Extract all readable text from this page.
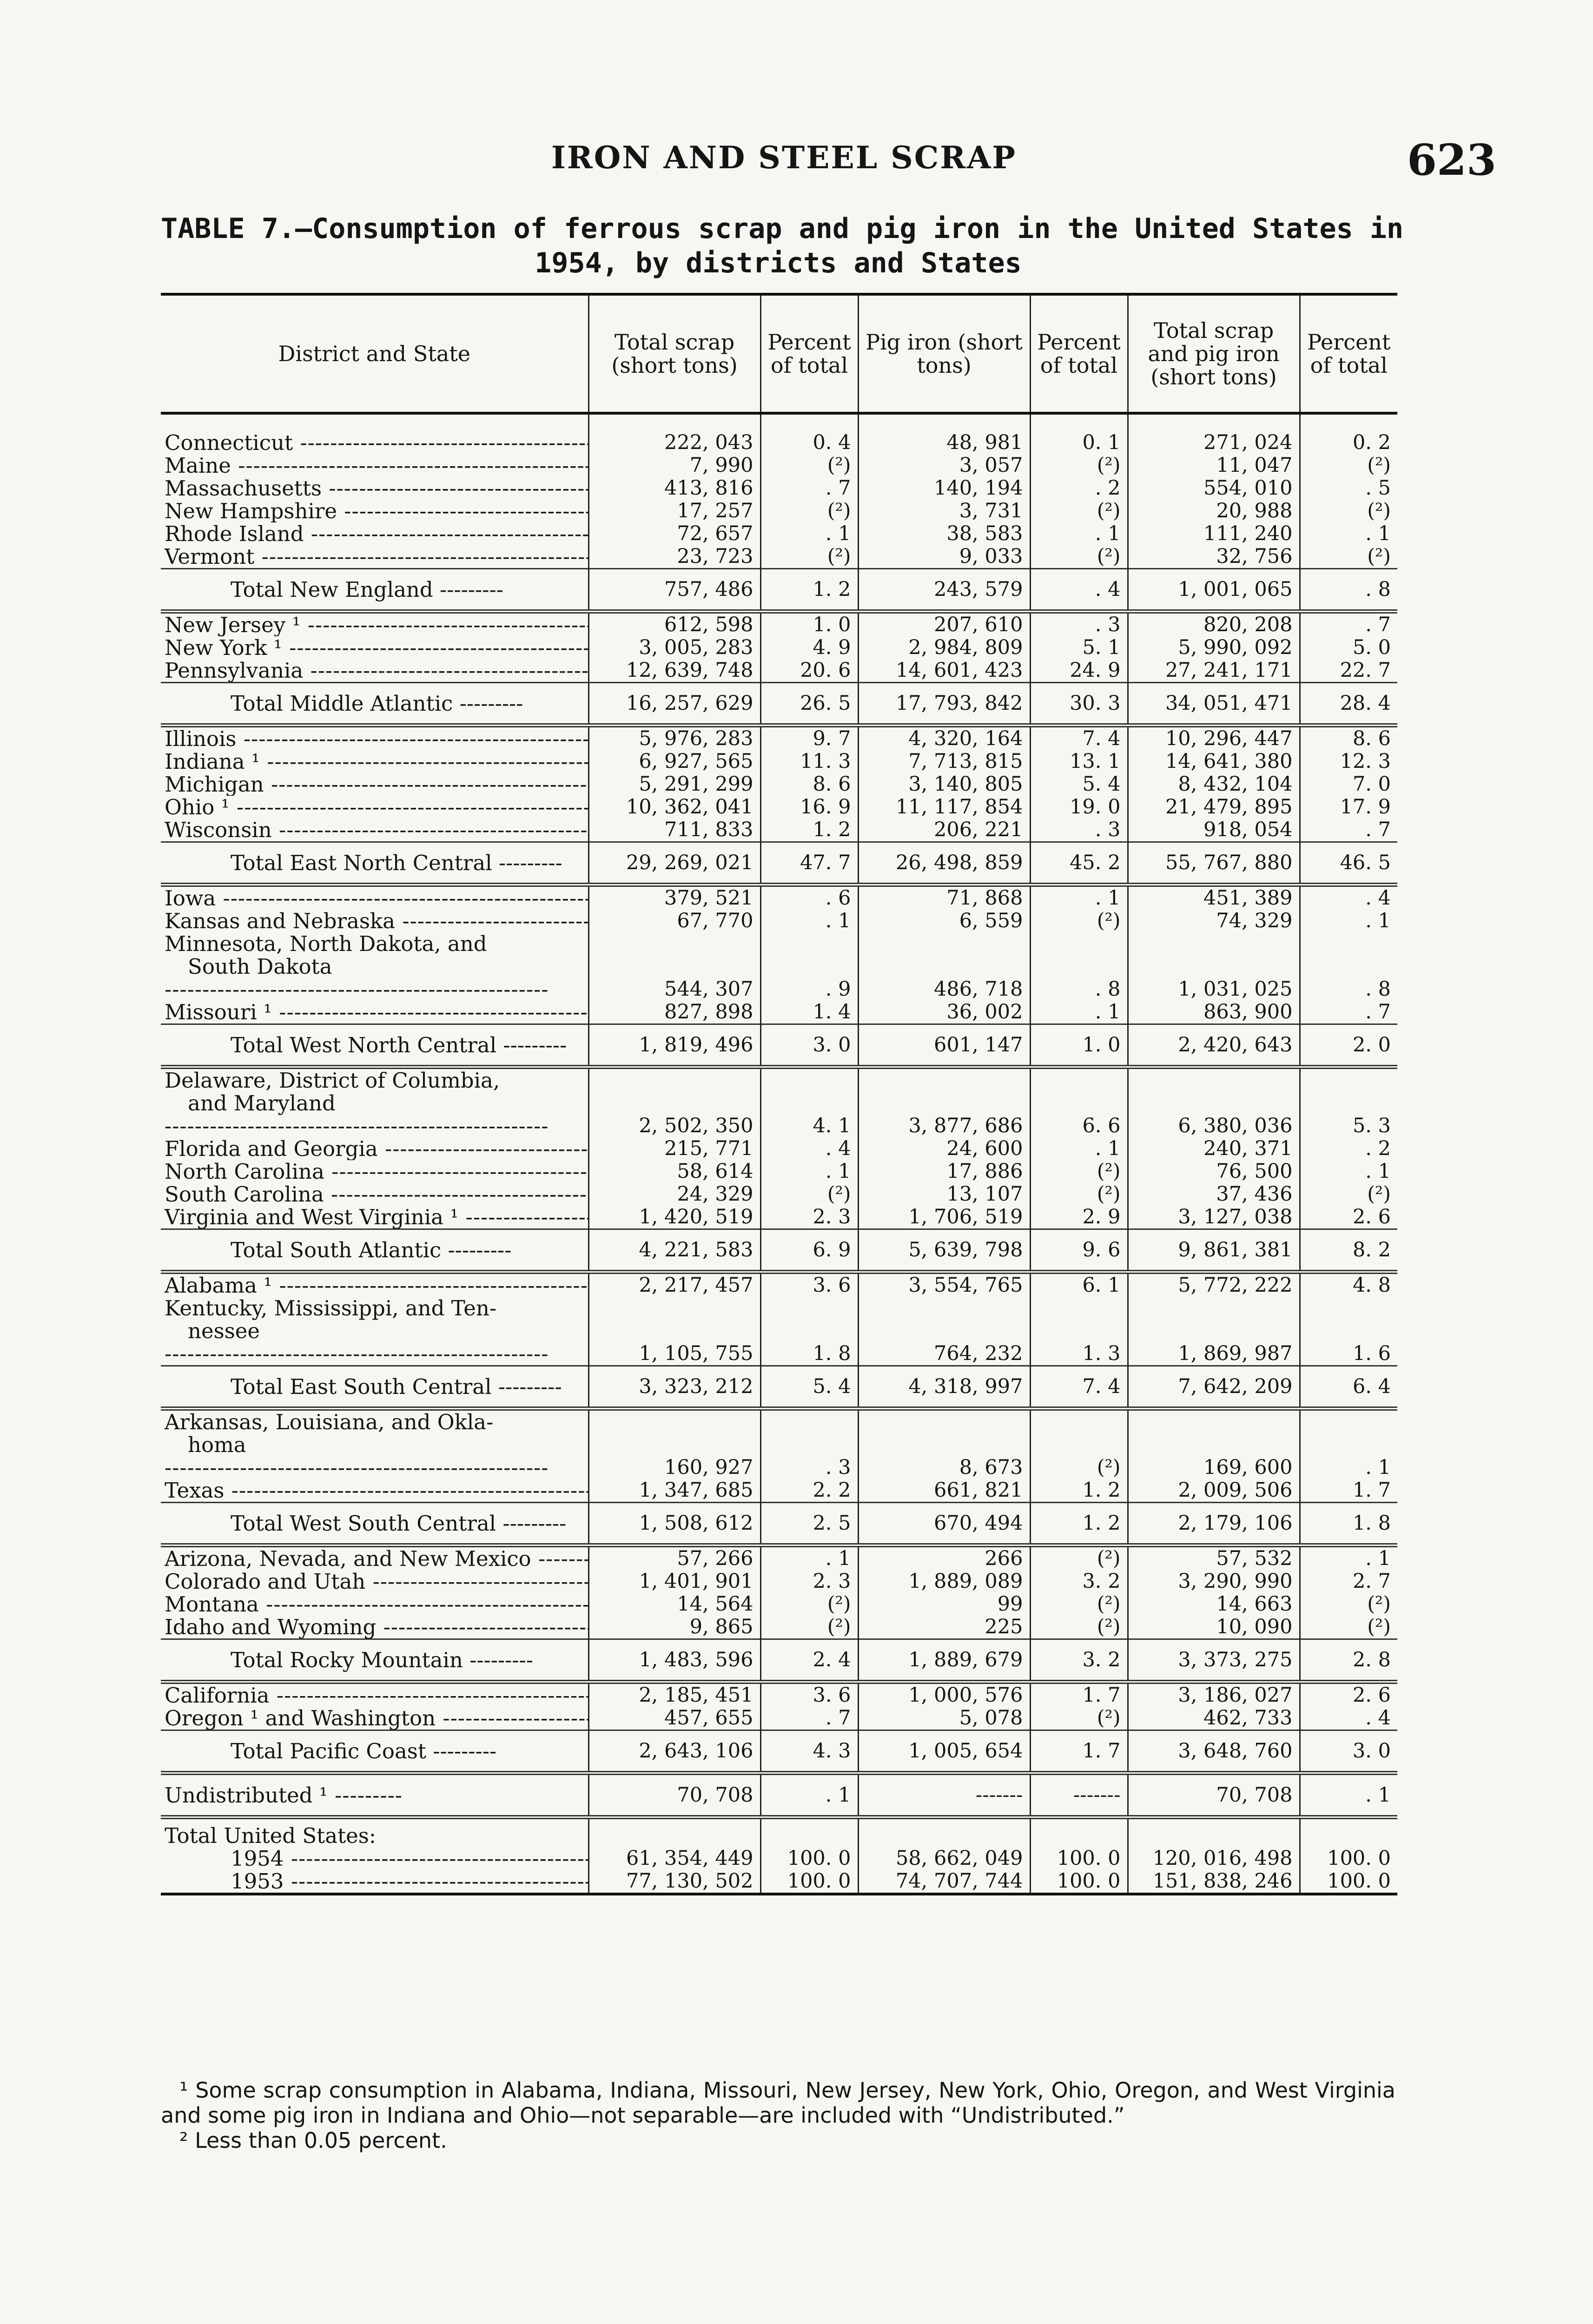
IRON AND STEEL SCRAP	623
TABLE 7.—Consumption of ferrous scrap and pig iron in the United States in
1954, by districts and States
District and State	Total scrap (short tons)	Percent of total	Pig iron (short tons)	Percent of total	Total scrap and pig iron (short tons)	Percent of total
Connecticut -----	222, 043	0. 4	48, 981	0. 1	271, 024	0. 2
Maine -----	7, 990	(²)	3, 057	(²)	11, 047	(²)
Massachusetts -----	413, 816	. 7	140, 194	. 2	554, 010	. 5
New Hampshire -----	17, 257	(²)	3, 731	(²)	20, 988	(²)
Rhode Island -----	72, 657	. 1	38, 583	. 1	111, 240	. 1
Vermont -----	23, 723	(²)	9, 033	(²)	32, 756	(²)
Total New England -----	757, 486	1. 2	243, 579	. 4	1, 001, 065	. 8
New Jersey ¹ -----	612, 598	1. 0	207, 610	. 3	820, 208	. 7
New York ¹ -----	3, 005, 283	4. 9	2, 984, 809	5. 1	5, 990, 092	5. 0
Pennsylvania -----	12, 639, 748	20. 6	14, 601, 423	24. 9	27, 241, 171	22. 7
Total Middle Atlantic -----	16, 257, 629	26. 5	17, 793, 842	30. 3	34, 051, 471	28. 4
Illinois -----	5, 976, 283	9. 7	4, 320, 164	7. 4	10, 296, 447	8. 6
Indiana ¹ -----	6, 927, 565	11. 3	7, 713, 815	13. 1	14, 641, 380	12. 3
Michigan -----	5, 291, 299	8. 6	3, 140, 805	5. 4	8, 432, 104	7. 0
Ohio ¹ -----	10, 362, 041	16. 9	11, 117, 854	19. 0	21, 479, 895	17. 9
Wisconsin -----	711, 833	1. 2	206, 221	. 3	918, 054	. 7
Total East North Central -----	29, 269, 021	47. 7	26, 498, 859	45. 2	55, 767, 880	46. 5
Iowa -----	379, 521	. 6	71, 868	. 1	451, 389	. 4
Kansas and Nebraska -----	67, 770	. 1	6, 559	(²)	74, 329	. 1

Minnesota, North Dakota, and
South Dakota
-----	544, 307	. 9	486, 718	. 8	1, 031, 025	. 8
Missouri ¹ -----	827, 898	1. 4	36, 002	. 1	863, 900	. 7
Total West North Central -----	1, 819, 496	3. 0	601, 147	1. 0	2, 420, 643	2. 0

Delaware, District of Columbia,
and Maryland
-----	2, 502, 350	4. 1	3, 877, 686	6. 6	6, 380, 036	5. 3
Florida and Georgia -----	215, 771	. 4	24, 600	. 1	240, 371	. 2
North Carolina -----	58, 614	. 1	17, 886	(²)	76, 500	. 1
South Carolina -----	24, 329	(²)	13, 107	(²)	37, 436	(²)
Virginia and West Virginia ¹ -----	1, 420, 519	2. 3	1, 706, 519	2. 9	3, 127, 038	2. 6
Total South Atlantic -----	4, 221, 583	6. 9	5, 639, 798	9. 6	9, 861, 381	8. 2
Alabama ¹ -----	2, 217, 457	3. 6	3, 554, 765	6. 1	5, 772, 222	4. 8

Kentucky, Mississippi, and Ten-
nessee
-----	1, 105, 755	1. 8	764, 232	1. 3	1, 869, 987	1. 6
Total East South Central -----	3, 323, 212	5. 4	4, 318, 997	7. 4	7, 642, 209	6. 4

Arkansas, Louisiana, and Okla-
homa
-----	160, 927	. 3	8, 673	(²)	169, 600	. 1
Texas -----	1, 347, 685	2. 2	661, 821	1. 2	2, 009, 506	1. 7
Total West South Central -----	1, 508, 612	2. 5	670, 494	1. 2	2, 179, 106	1. 8
Arizona, Nevada, and New Mexico -----	57, 266	. 1	266	(²)	57, 532	. 1
Colorado and Utah -----	1, 401, 901	2. 3	1, 889, 089	3. 2	3, 290, 990	2. 7
Montana -----	14, 564	(²)	99	(²)	14, 663	(²)
Idaho and Wyoming -----	9, 865	(²)	225	(²)	10, 090	(²)
Total Rocky Mountain -----	1, 483, 596	2. 4	1, 889, 679	3. 2	3, 373, 275	2. 8
California -----	2, 185, 451	3. 6	1, 000, 576	1. 7	3, 186, 027	2. 6
Oregon ¹ and Washington -----	457, 655	. 7	5, 078	(²)	462, 733	. 4
Total Pacific Coast -----	2, 643, 106	4. 3	1, 005, 654	1. 7	3, 648, 760	3. 0
Undistributed ¹ -----	70, 708	. 1	-------	-------	70, 708	. 1
Total United States:						
1954 -----	61, 354, 449	100. 0	58, 662, 049	100. 0	120, 016, 498	100. 0
1953 -----	77, 130, 502	100. 0	74, 707, 744	100. 0	151, 838, 246	100. 0

¹ Some scrap consumption in Alabama, Indiana, Missouri, New Jersey, New York, Ohio, Oregon, and West Virginia and some pig iron in Indiana and Ohio—not separable—are included with “Undistributed.”

² Less than 0.05 percent.
